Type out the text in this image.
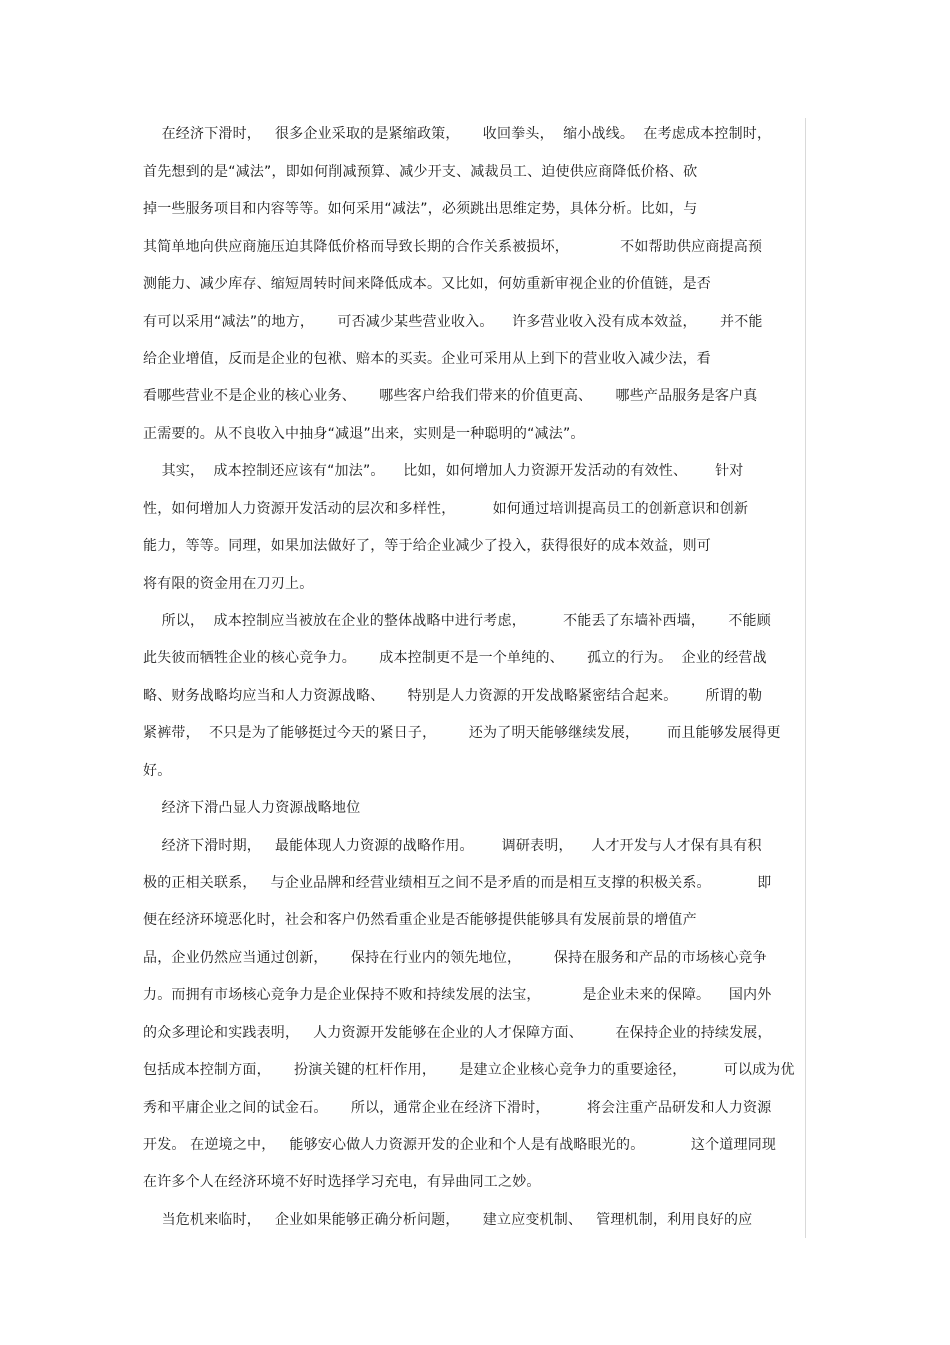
在经济下滑时，   很多企业采取的是紧缩政策，     收回拳头，  缩小战线。  在考虑成本控制时，
首先想到的是“减法”，即如何削减预算、减少开支、减裁员工、迫使供应商降低价格、砍
掉一些服务项目和内容等等。如何采用“减法”，必须跳出思维定势，具体分析。比如，与
其简单地向供应商施压迫其降低价格而导致长期的合作关系被损坏，           不如帮助供应商提高预
测能力、减少库存、缩短周转时间来降低成本。又比如，何妨重新审视企业的价值链，是否
有可以采用“减法”的地方，     可否减少某些营业收入。    许多营业收入没有成本效益，     并不能
给企业增值，反而是企业的包袱、赔本的买卖。企业可采用从上到下的营业收入减少法，看
看哪些营业不是企业的核心业务、     哪些客户给我们带来的价值更高、     哪些产品服务是客户真
正需要的。从不良收入中抽身“减退”出来，实则是一种聪明的“减法”。
其实，  成本控制还应该有“加法”。    比如，如何增加人力资源开发活动的有效性、      针对
性，如何增加人力资源开发活动的层次和多样性，        如何通过培训提高员工的创新意识和创新
能力，等等。同理，如果加法做好了，等于给企业减少了投入，获得很好的成本效益，则可
将有限的资金用在刀刃上。
所以，  成本控制应当被放在企业的整体战略中进行考虑，        不能丢了东墙补西墙，     不能顾
此失彼而牺牲企业的核心竞争力。     成本控制更不是一个单纯的、     孤立的行为。  企业的经营战
略、财务战略均应当和人力资源战略、     特别是人力资源的开发战略紧密结合起来。      所谓的勒
紧裤带，  不只是为了能够挺过今天的紧日子，       还为了明天能够继续发展，      而且能够发展得更
好。
经济下滑凸显人力资源战略地位
经济下滑时期，   最能体现人力资源的战略作用。      调研表明，    人才开发与人才保有具有积
极的正相关联系，   与企业品牌和经营业绩相互之间不是矛盾的而是相互支撑的积极关系。          即
便在经济环境恶化时，社会和客户仍然看重企业是否能够提供能够具有发展前景的增值产
品，企业仍然应当通过创新，     保持在行业内的领先地位，       保持在服务和产品的市场核心竞争
力。而拥有市场核心竞争力是企业保持不败和持续发展的法宝，         是企业未来的保障。    国内外
的众多理论和实践表明，   人力资源开发能够在企业的人才保障方面、       在保持企业的持续发展，
包括成本控制方面，     扮演关键的杠杆作用，     是建立企业核心竞争力的重要途径，        可以成为优
秀和平庸企业之间的试金石。     所以，通常企业在经济下滑时，        将会注重产品研发和人力资源
开发。 在逆境之中，   能够安心做人力资源开发的企业和个人是有战略眼光的。          这个道理同现
在许多个人在经济环境不好时选择学习充电，有异曲同工之妙。
当危机来临时，   企业如果能够正确分析问题，     建立应变机制、   管理机制，利用良好的应
